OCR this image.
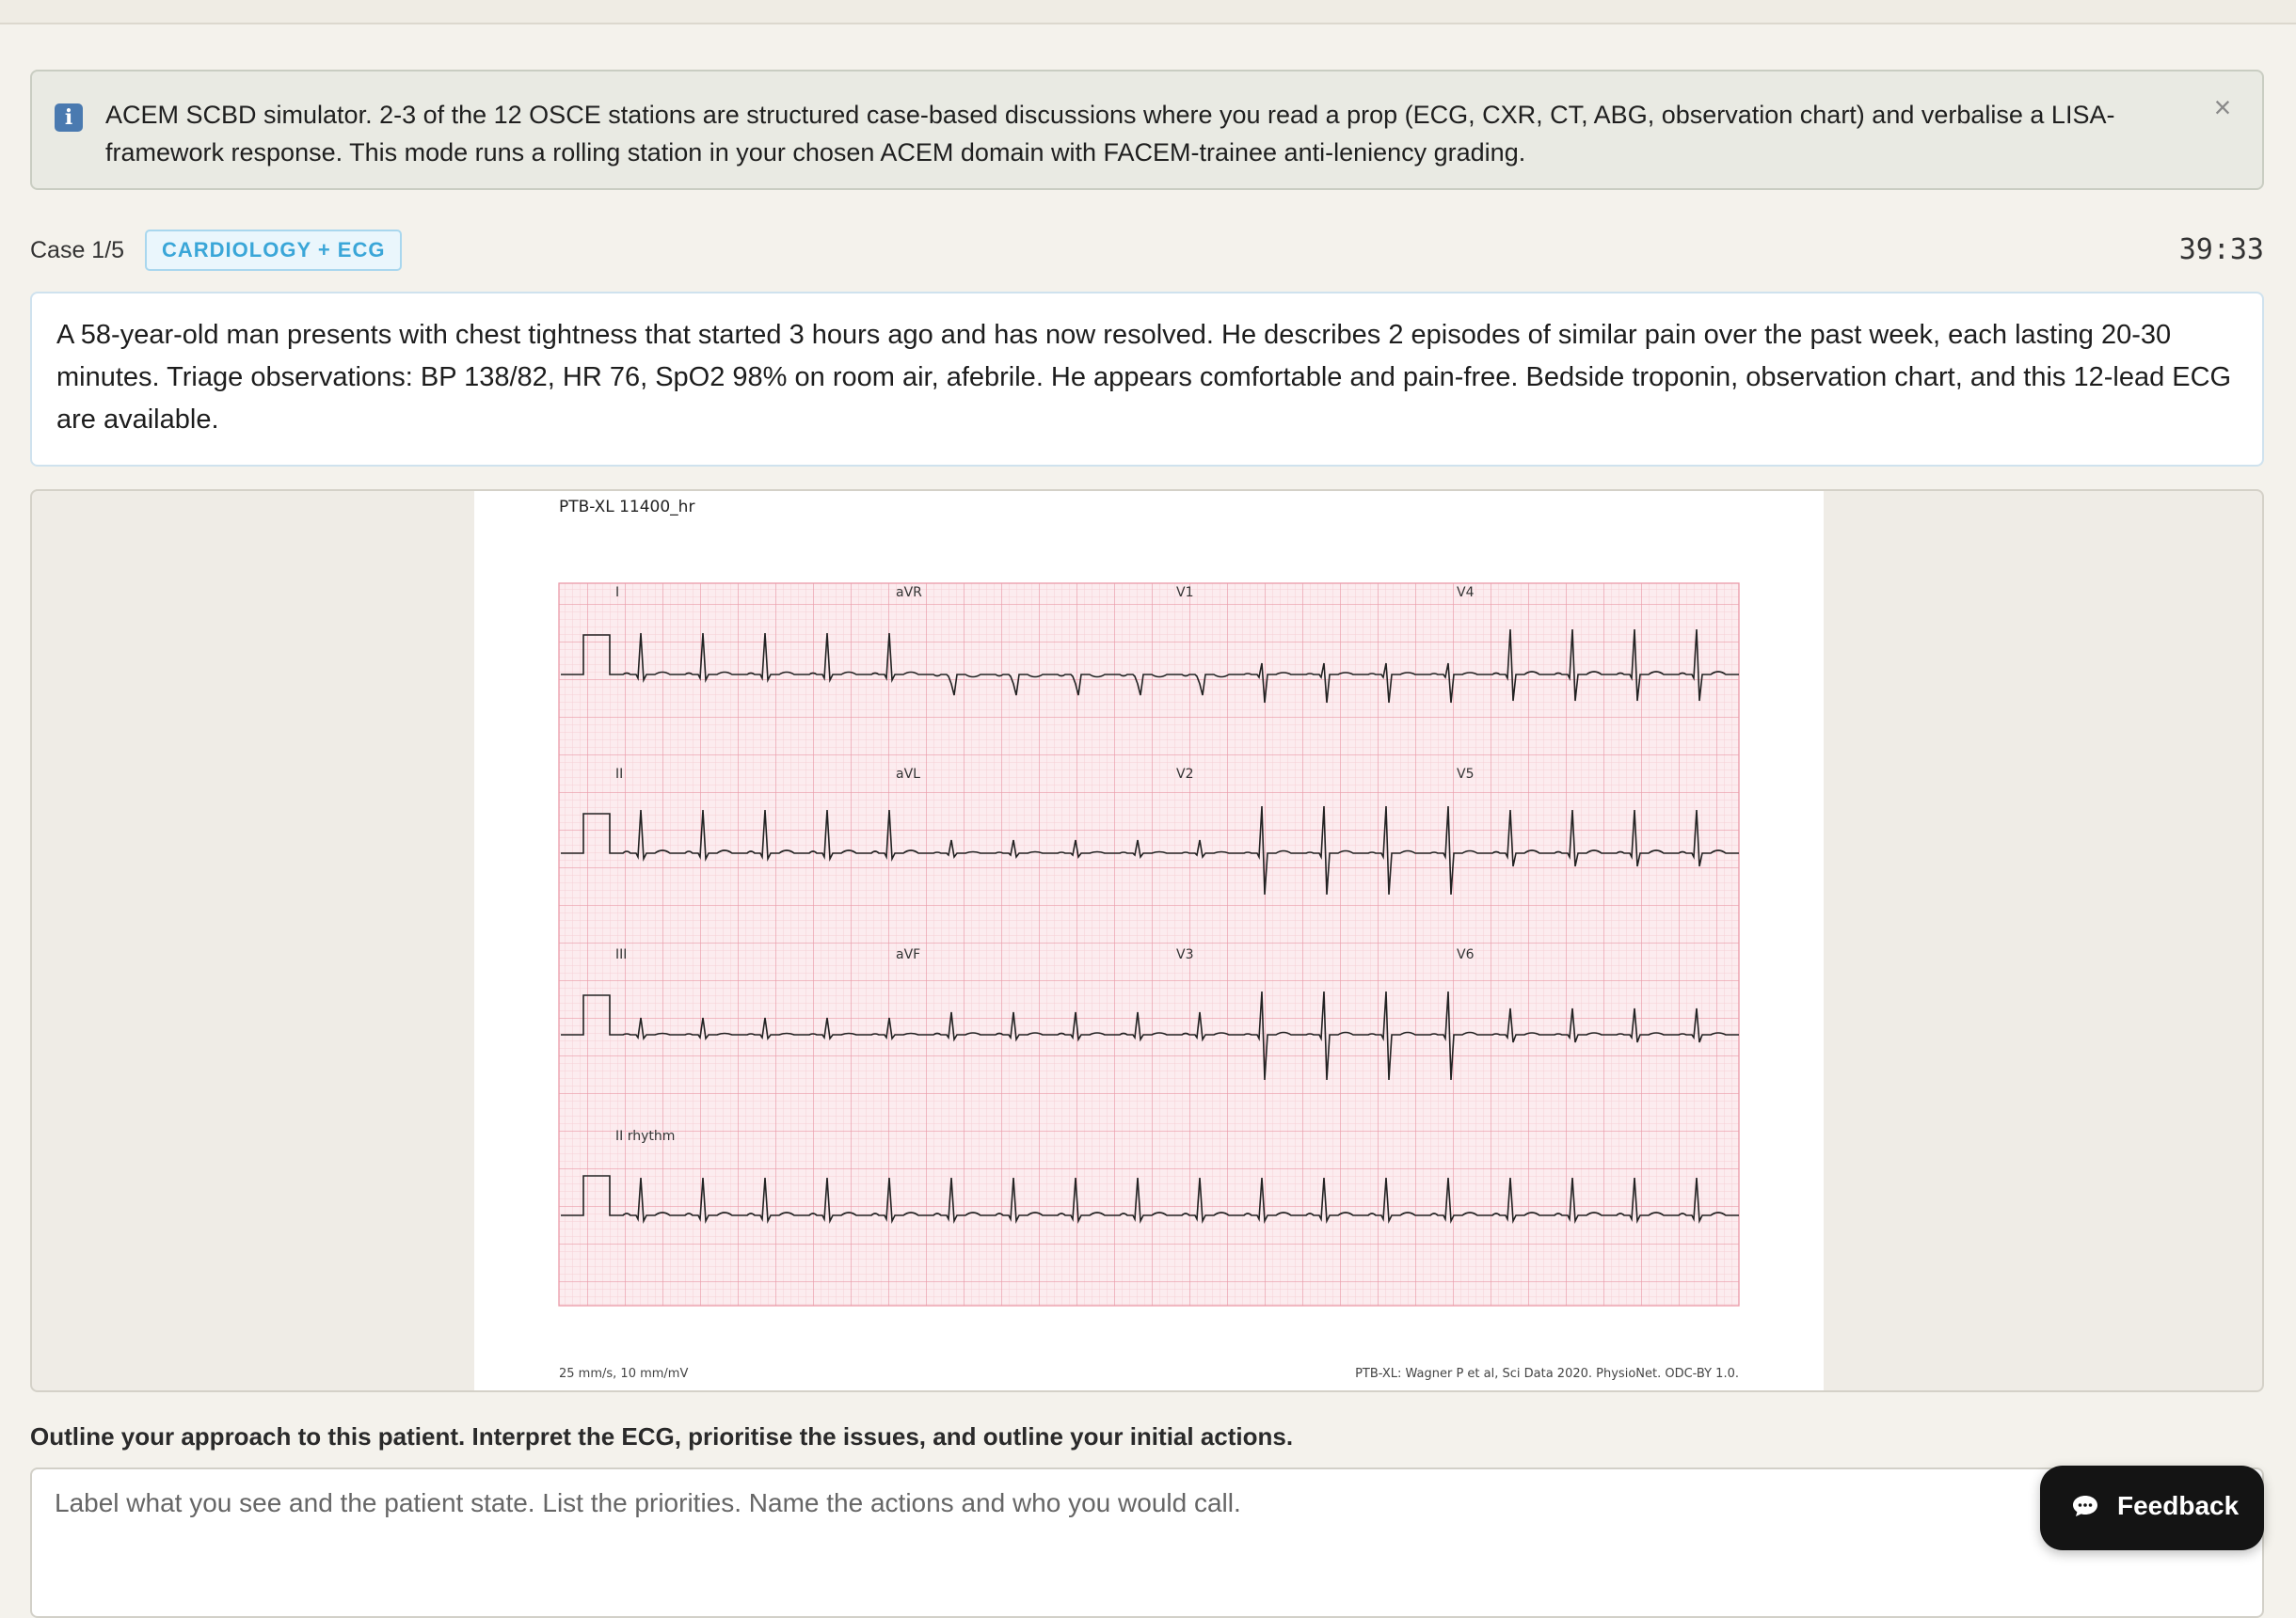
i	ACEM SCBD simulator. 2-3 of the 12 OSCE stations are structured case-based discussions where you read a prop (ECG, CXR, CT, ABG, observation chart) and verbalise a LISA-framework response. This mode runs a rolling station in your chosen ACEM domain with FACEM-trainee anti-leniency grading.
×
Case 1/5	CARDIOLOGY + ECG	39:33
A 58-year-old man presents with chest tightness that started 3 hours ago and has now resolved. He describes 2 episodes of similar pain over the past week, each lasting 20-30 minutes. Triage observations: BP 138/82, HR 76, SpO2 98% on room air, afebrile. He appears comfortable and pain-free. Bedside troponin, observation chart, and this 12-lead ECG are available.
PTB-XL 11400_hr
I	aVR	V1	V4
II	aVL	V2	V5
III	aVF	V3	V6
II rhythm
25 mm/s, 10 mm/mV	PTB-XL: Wagner P et al, Sci Data 2020. PhysioNet. ODC-BY 1.0.
Outline your approach to this patient. Interpret the ECG, prioritise the issues, and outline your initial actions.
Label what you see and the patient state. List the priorities. Name the actions and who you would call.
Feedback
